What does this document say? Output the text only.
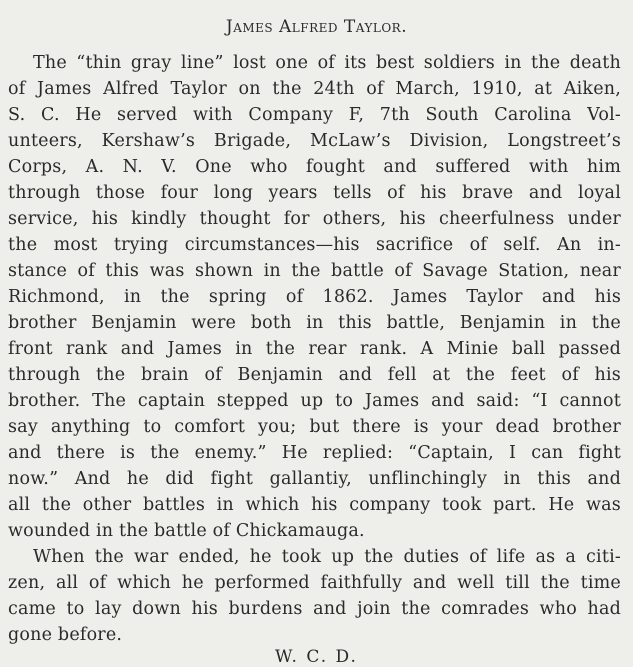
James Alfred Taylor.
The “thin gray line” lost one of its best soldiers in the death
of James Alfred Taylor on the 24th of March, 1910, at Aiken,
S. C. He served with Company F, 7th South Carolina Vol-
unteers, Kershaw’s Brigade, McLaw’s Division, Longstreet’s
Corps, A. N. V. One who fought and suffered with him
through those four long years tells of his brave and loyal
service, his kindly thought for others, his cheerfulness under
the most trying circumstances—his sacrifice of self. An in-
stance of this was shown in the battle of Savage Station, near
Richmond, in the spring of 1862. James Taylor and his
brother Benjamin were both in this battle, Benjamin in the
front rank and James in the rear rank. A Minie ball passed
through the brain of Benjamin and fell at the feet of his
brother. The captain stepped up to James and said: “I cannot
say anything to comfort you; but there is your dead brother
and there is the enemy.” He replied: “Captain, I can fight
now.” And he did fight gallantiy, unflinchingly in this and
all the other battles in which his company took part. He was
wounded in the battle of Chickamauga.
When the war ended, he took up the duties of life as a citi-
zen, all of which he performed faithfully and well till the time
came to lay down his burdens and join the comrades who had
gone before.
W. C. D.
